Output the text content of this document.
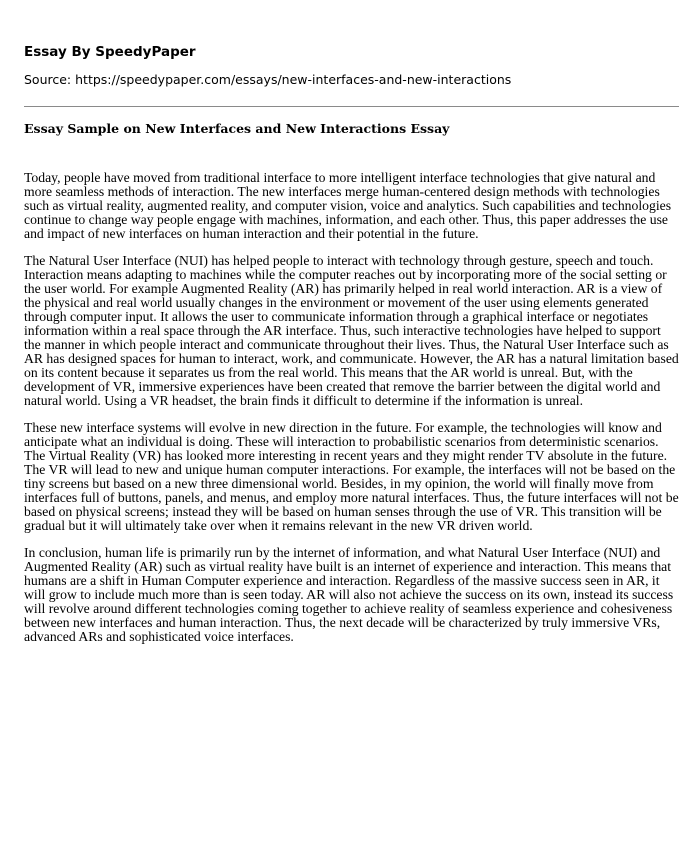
Essay By SpeedyPaper
Source: https://speedypaper.com/essays/new-interfaces-and-new-interactions
Essay Sample on New Interfaces and New Interactions Essay

Today, people have moved from traditional interface to more intelligent interface technologies that give natural and more seamless methods of interaction. The new interfaces merge human-centered design methods with technologies such as virtual reality, augmented reality, and computer vision, voice and analytics. Such capabilities and technologies continue to change way people engage with machines, information, and each other. Thus, this paper addresses the use and impact of new interfaces on human interaction and their potential in the future.

The Natural User Interface (NUI) has helped people to interact with technology through gesture, speech and touch. Interaction means adapting to machines while the computer reaches out by incorporating more of the social setting or the user world. For example Augmented Reality (AR) has primarily helped in real world interaction. AR is a view of the physical and real world usually changes in the environment or movement of the user using elements generated through computer input. It allows the user to communicate information through a graphical interface or negotiates information within a real space through the AR interface. Thus, such interactive technologies have helped to support the manner in which people interact and communicate throughout their lives. Thus, the Natural User Interface such as AR has designed spaces for human to interact, work, and communicate. However, the AR has a natural limitation based on its content because it separates us from the real world. This means that the AR world is unreal. But, with the development of VR, immersive experiences have been created that remove the barrier between the digital world and natural world. Using a VR headset, the brain finds it difficult to determine if the information is unreal.

These new interface systems will evolve in new direction in the future. For example, the technologies will know and anticipate what an individual is doing. These will interaction to probabilistic scenarios from deterministic scenarios. The Virtual Reality (VR) has looked more interesting in recent years and they might render TV absolute in the future. The VR will lead to new and unique human computer interactions. For example, the interfaces will not be based on the tiny screens but based on a new three dimensional world. Besides, in my opinion, the world will finally move from interfaces full of buttons, panels, and menus, and employ more natural interfaces. Thus, the future interfaces will not be based on physical screens; instead they will be based on human senses through the use of VR. This transition will be gradual but it will ultimately take over when it remains relevant in the new VR driven world.

In conclusion, human life is primarily run by the internet of information, and what Natural User Interface (NUI) and Augmented Reality (AR) such as virtual reality have built is an internet of experience and interaction. This means that humans are a shift in Human Computer experience and interaction. Regardless of the massive success seen in AR, it will grow to include much more than is seen today. AR will also not achieve the success on its own, instead its success will revolve around different technologies coming together to achieve reality of seamless experience and cohesiveness between new interfaces and human interaction. Thus, the next decade will be characterized by truly immersive VRs, advanced ARs and sophisticated voice interfaces.
